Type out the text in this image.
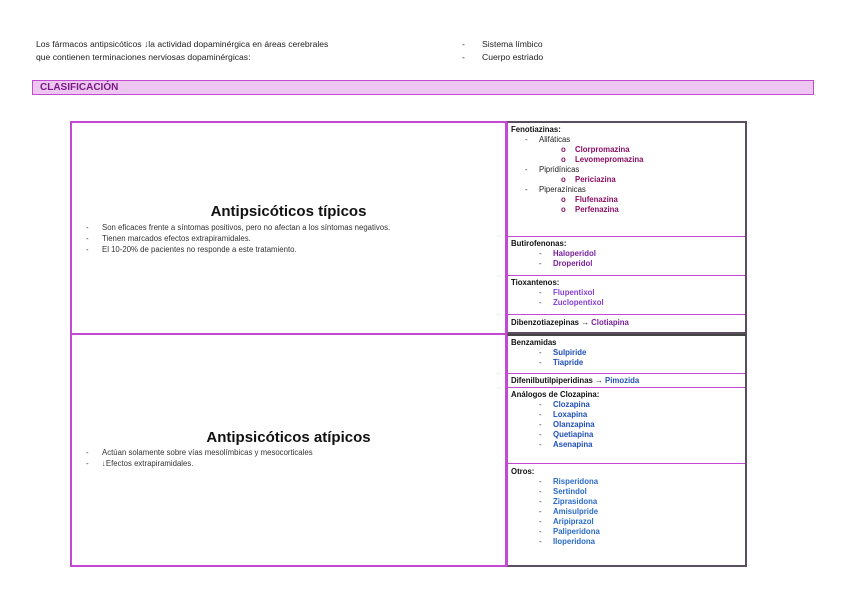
Los fármacos antipsicóticos ↓la actividad dopaminérgica en áreas cerebrales
que contienen terminaciones nerviosas dopaminérgicas:
-	Sistema límbico
-	Cuerpo estriado
CLASIFICACIÓN
Antipsicóticos típicos
-	Son eficaces frente a síntomas positivos, pero no afectan a los síntomas negativos.
-	Tienen marcados efectos extrapiramidales.
-	El 10-20% de pacientes no responde a este tratamiento.
Antipsicóticos atípicos
-	Actúan solamente sobre vías mesolímbicas y mesocorticales
-	↓Efectos extrapiramidales.
Fenotiazinas:
-	Alifáticas
o	Clorpromazina
o	Levomepromazina
-	Pipridínicas
o	Periciazina
-	Piperazínicas
o	Flufenazina
o	Perfenazina
Butirofenonas:
-	Haloperidol
-	Droperidol
Tioxantenos:
-	Flupentixol
-	Zuclopentixol
Dibenzotiazepinas → Clotiapina
Benzamidas
-	Sulpiride
-	Tiapride
Difenilbutilpiperidinas → Pimozida
Análogos de Clozapina:
-	Clozapina
-	Loxapina
-	Olanzapina
-	Quetiapina
-	Asenapina
Otros:
-	Risperidona
-	Sertindol
-	Ziprasidona
-	Amisulpride
-	Aripiprazol
-	Paliperidona
-	Iloperidona
